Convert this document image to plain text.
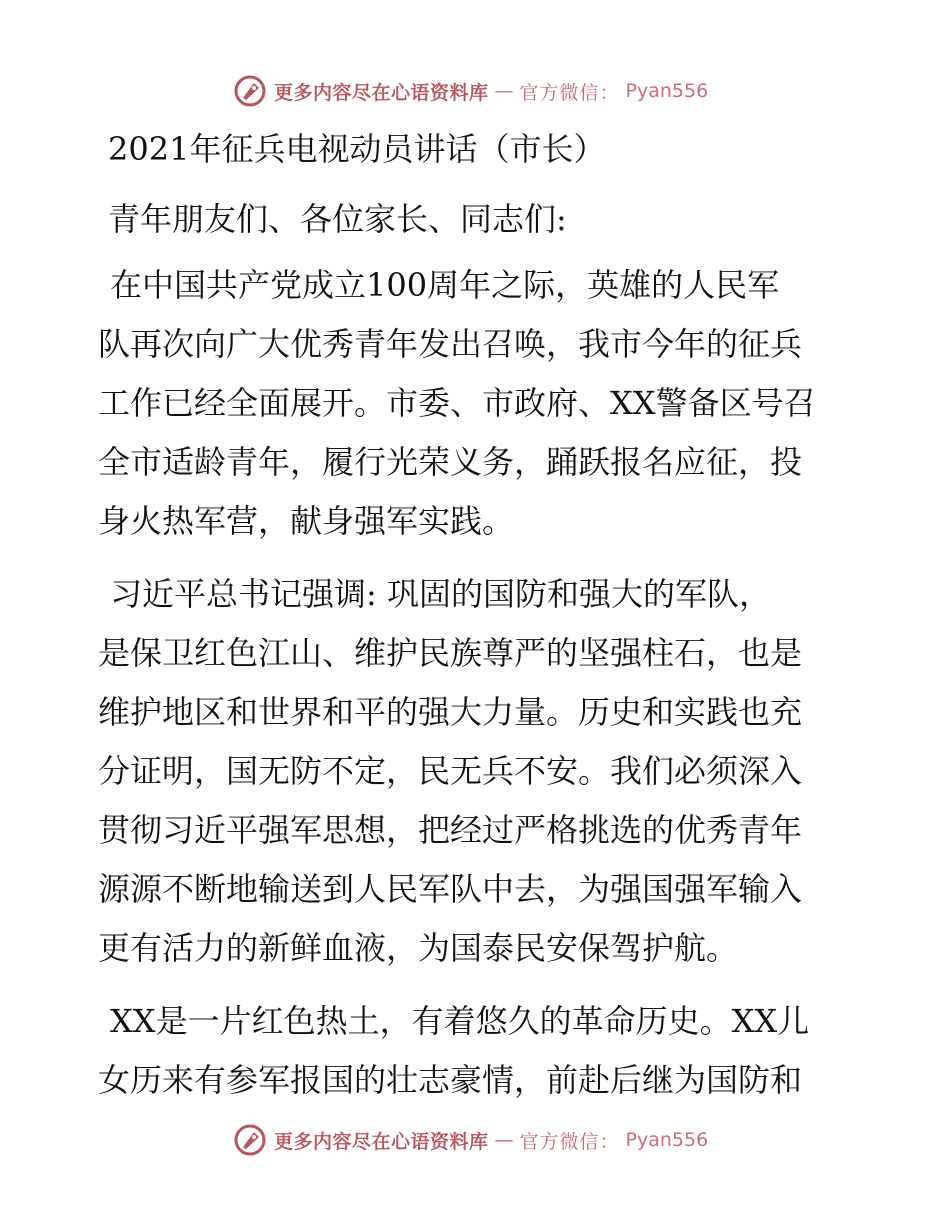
更多内容尽在心语资料库 — 官方微信： Pyan556
2021年征兵电视动员讲话（市长）
青年朋友们、各位家长、同志们:
在中国共产党成立100周年之际，英雄的人民军
队再次向广大优秀青年发出召唤，我市今年的征兵
工作已经全面展开。市委、市政府、XX警备区号召
全市适龄青年，履行光荣义务，踊跃报名应征，投
身火热军营，献身强军实践。
习近平总书记强调: 巩固的国防和强大的军队，
是保卫红色江山、维护民族尊严的坚强柱石，也是
维护地区和世界和平的强大力量。历史和实践也充
分证明，国无防不定，民无兵不安。我们必须深入
贯彻习近平强军思想，把经过严格挑选的优秀青年
源源不断地输送到人民军队中去，为强国强军输入
更有活力的新鲜血液，为国泰民安保驾护航。
XX是一片红色热土，有着悠久的革命历史。XX儿
女历来有参军报国的壮志豪情，前赴后继为国防和
更多内容尽在心语资料库 — 官方微信： Pyan556
